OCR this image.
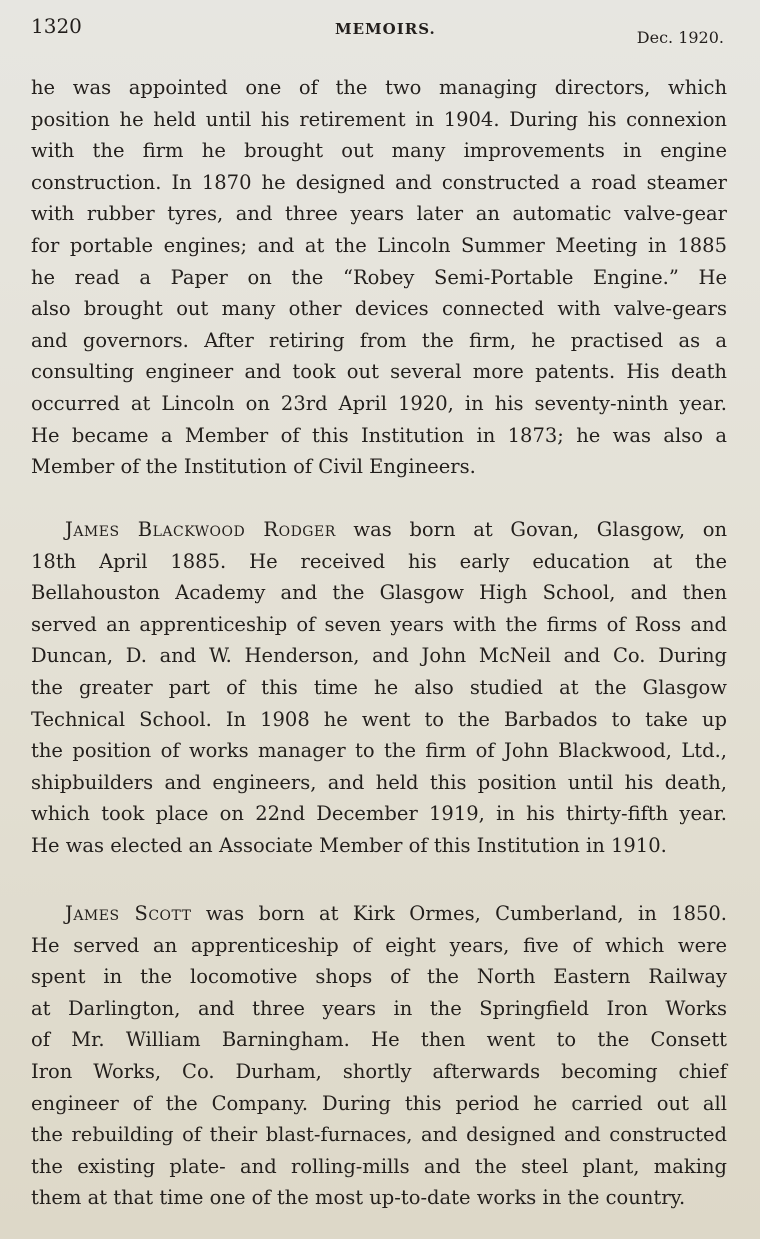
1320	MEMOIRS.	Dec. 1920.
he was appointed one of the two managing directors, which
position he held until his retirement in 1904. During his connexion
with the firm he brought out many improvements in engine
construction. In 1870 he designed and constructed a road steamer
with rubber tyres, and three years later an automatic valve-gear
for portable engines; and at the Lincoln Summer Meeting in 1885
he read a Paper on the “Robey Semi-Portable Engine.” He
also brought out many other devices connected with valve-gears
and governors. After retiring from the firm, he practised as a
consulting engineer and took out several more patents. His death
occurred at Lincoln on 23rd April 1920, in his seventy-ninth year.
He became a Member of this Institution in 1873; he was also a
Member of the Institution of Civil Engineers.
James Blackwood Rodger was born at Govan, Glasgow, on
18th April 1885. He received his early education at the
Bellahouston Academy and the Glasgow High School, and then
served an apprenticeship of seven years with the firms of Ross and
Duncan, D. and W. Henderson, and John McNeil and Co. During
the greater part of this time he also studied at the Glasgow
Technical School. In 1908 he went to the Barbados to take up
the position of works manager to the firm of John Blackwood, Ltd.,
shipbuilders and engineers, and held this position until his death,
which took place on 22nd December 1919, in his thirty-fifth year.
He was elected an Associate Member of this Institution in 1910.
James Scott was born at Kirk Ormes, Cumberland, in 1850.
He served an apprenticeship of eight years, five of which were
spent in the locomotive shops of the North Eastern Railway
at Darlington, and three years in the Springfield Iron Works
of Mr. William Barningham. He then went to the Consett
Iron Works, Co. Durham, shortly afterwards becoming chief
engineer of the Company. During this period he carried out all
the rebuilding of their blast-furnaces, and designed and constructed
the existing plate- and rolling-mills and the steel plant, making
them at that time one of the most up-to-date works in the country.
